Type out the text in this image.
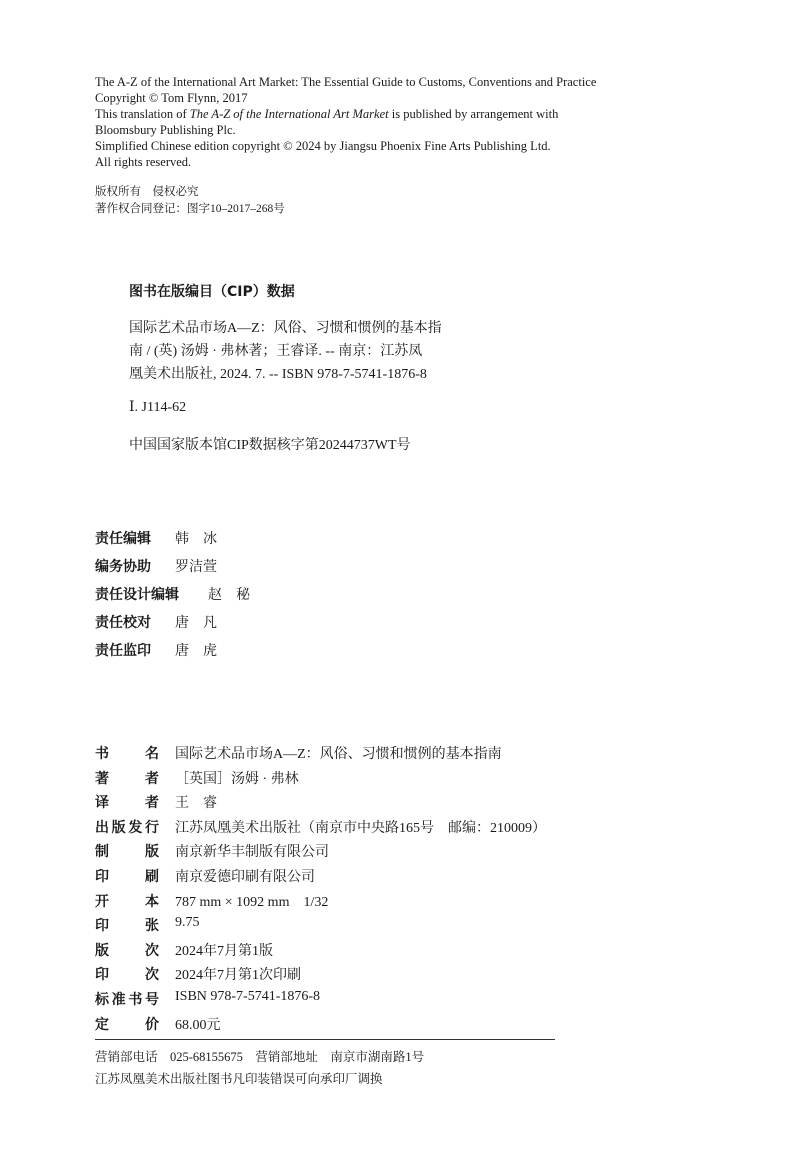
The A-Z of the International Art Market: The Essential Guide to Customs, Conventions and Practice
Copyright © Tom Flynn, 2017
This translation of The A-Z of the International Art Market is published by arrangement with
Bloomsbury Publishing Plc.
Simplified Chinese edition copyright © 2024 by Jiangsu Phoenix Fine Arts Publishing Ltd.
All rights reserved.
版权所有　侵权必究
著作权合同登记：图字10–2017–268号
图书在版编目（CIP）数据
国际艺术品市场A—Z：风俗、习惯和惯例的基本指
南 / (英) 汤姆 · 弗林著；王睿译. -- 南京：江苏凤
凰美术出版社, 2024. 7. -- ISBN 978-7-5741-1876-8
Ⅰ. J114-62
中国国家版本馆CIP数据核字第20244737WT号
责任编辑 韩　冰
编务协助 罗洁萱
责任设计编辑 赵　秘
责任校对 唐　凡
责任监印 唐　虎
书	名 国际艺术品市场A—Z：风俗、习惯和惯例的基本指南
著	者 ［英国］汤姆 · 弗林
译	者 王　睿
出 版 发 行 江苏凤凰美术出版社（南京市中央路165号　邮编：210009）
制	版 南京新华丰制版有限公司
印	刷 南京爱德印刷有限公司
开	本 787 mm × 1092 mm　1/32
印	张 9.75
版	次 2024年7月第1版
印	次 2024年7月第1次印刷
标 准 书 号 ISBN 978-7-5741-1876-8
定	价 68.00元
营销部电话　025-68155675　营销部地址　南京市湖南路1号
江苏凤凰美术出版社图书凡印装错误可向承印厂调换
